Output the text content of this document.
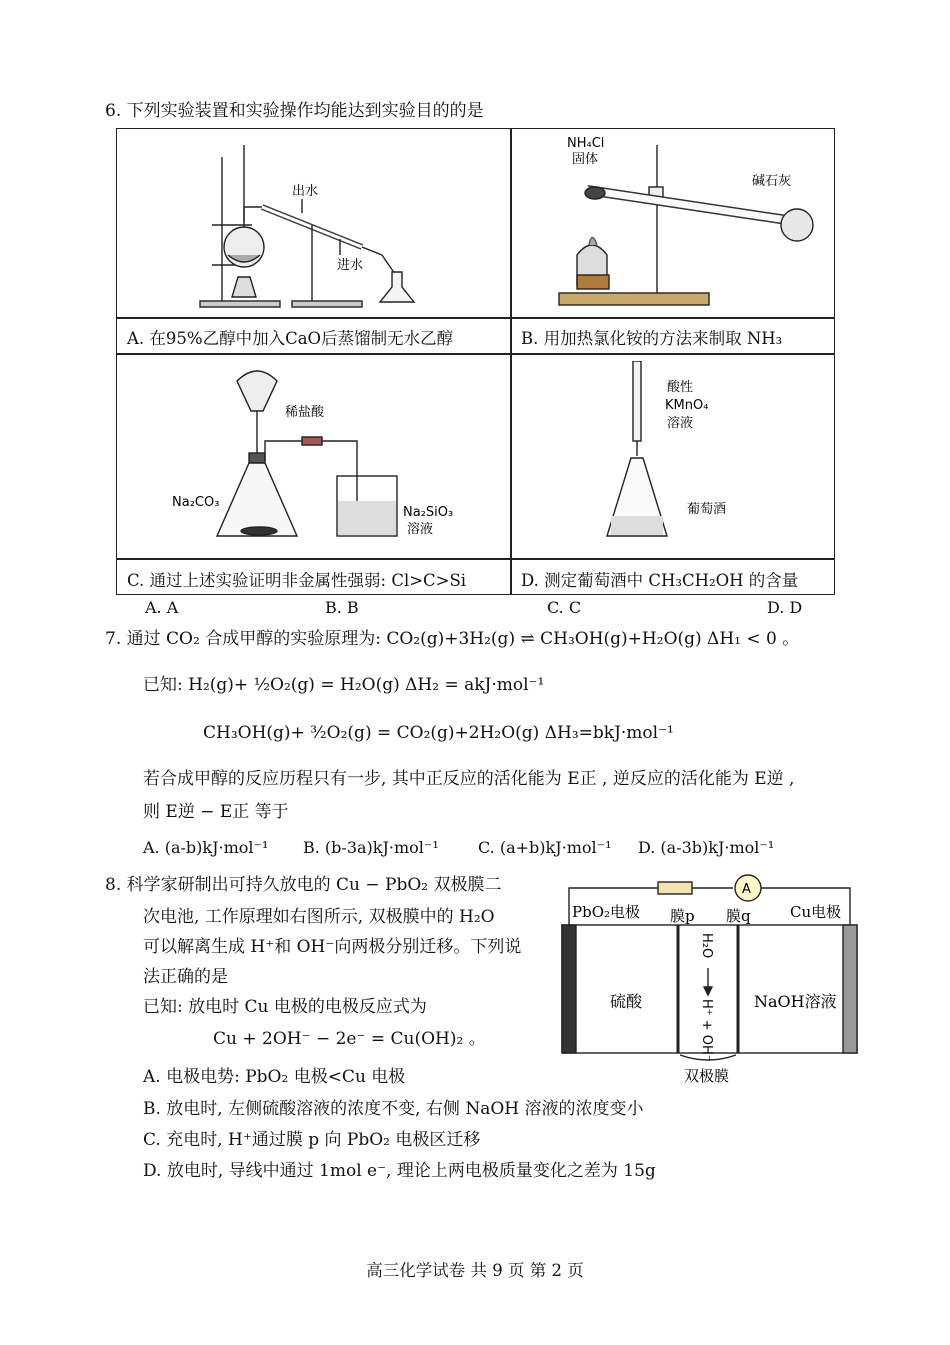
6. 下列实验装置和实验操作均能达到实验目的的是
出水
进水
A. 在95%乙醇中加入CaO后蒸馏制无水乙醇
NH₄Cl
固体
碱石灰
B. 用加热氯化铵的方法来制取 NH₃
稀盐酸
Na₂CO₃
Na₂SiO₃
溶液
C. 通过上述实验证明非金属性强弱: Cl>C>Si
酸性
KMnO₄
溶液
葡萄酒
D. 测定葡萄酒中 CH₃CH₂OH 的含量
A. A	B. B	C. C	D. D
7. 通过 CO₂ 合成甲醇的实验原理为: CO₂(g)+3H₂(g) ⇌ CH₃OH(g)+H₂O(g) ΔH₁ < 0 。
已知: H₂(g)+ ½O₂(g) = H₂O(g) ΔH₂ = akJ·mol⁻¹
CH₃OH(g)+ ³⁄₂O₂(g) = CO₂(g)+2H₂O(g) ΔH₃=bkJ·mol⁻¹
若合成甲醇的反应历程只有一步, 其中正反应的活化能为 E正 , 逆反应的活化能为 E逆 ,
则 E逆 − E正 等于
A. (a-b)kJ·mol⁻¹ B. (b-3a)kJ·mol⁻¹ C. (a+b)kJ·mol⁻¹ D. (a-3b)kJ·mol⁻¹
8. 科学家研制出可持久放电的 Cu − PbO₂ 双极膜二
次电池, 工作原理如右图所示, 双极膜中的 H₂O
可以解离生成 H⁺和 OH⁻向两极分别迁移。下列说
法正确的是
已知: 放电时 Cu 电极的电极反应式为
Cu + 2OH⁻ − 2e⁻ = Cu(OH)₂ 。
A
PbO₂电极 膜p 膜q	Cu电极
硫酸	NaOH溶液
H₂O
H⁺ + OH⁻
双极膜
A. 电极电势: PbO₂ 电极<Cu 电极
B. 放电时, 左侧硫酸溶液的浓度不变, 右侧 NaOH 溶液的浓度变小
C. 充电时, H⁺通过膜 p 向 PbO₂ 电极区迁移
D. 放电时, 导线中通过 1mol e⁻, 理论上两电极质量变化之差为 15g
高三化学试卷 共 9 页 第 2 页
